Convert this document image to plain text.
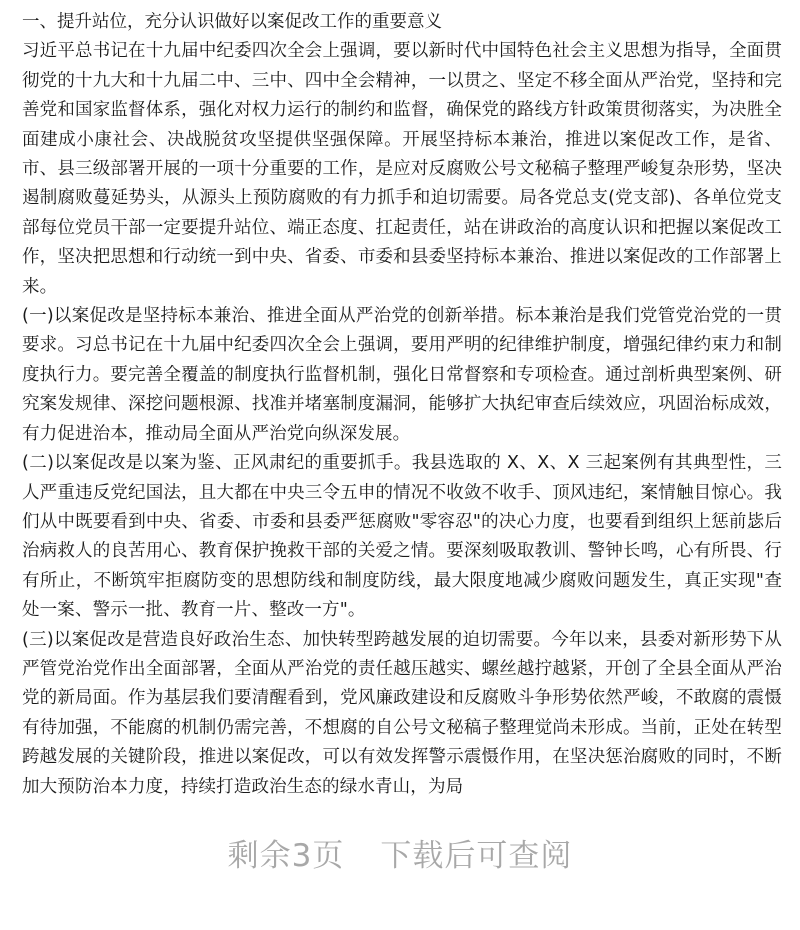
一、提升站位，充分认识做好以案促改工作的重要意义

习近平总书记在十九届中纪委四次全会上强调，要以新时代中国特色社会主义思想为指导，全面贯彻党的十九大和十九届二中、三中、四中全会精神，一以贯之、坚定不移全面从严治党，坚持和完善党和国家监督体系，强化对权力运行的制约和监督，确保党的路线方针政策贯彻落实，为决胜全面建成小康社会、决战脱贫攻坚提供坚强保障。开展坚持标本兼治，推进以案促改工作，是省、市、县三级部署开展的一项十分重要的工作，是应对反腐败公号文秘稿子整理严峻复杂形势，坚决遏制腐败蔓延势头，从源头上预防腐败的有力抓手和迫切需要。局各党总支(党支部)、各单位党支部每位党员干部一定要提升站位、端正态度、扛起责任，站在讲政治的高度认识和把握以案促改工作，坚决把思想和行动统一到中央、省委、市委和县委坚持标本兼治、推进以案促改的工作部署上来。

(一)以案促改是坚持标本兼治、推进全面从严治党的创新举措。标本兼治是我们党管党治党的一贯要求。习总书记在十九届中纪委四次全会上强调，要用严明的纪律维护制度，增强纪律约束力和制度执行力。要完善全覆盖的制度执行监督机制，强化日常督察和专项检查。通过剖析典型案例、研究案发规律、深挖问题根源、找准并堵塞制度漏洞，能够扩大执纪审查后续效应，巩固治标成效，有力促进治本，推动局全面从严治党向纵深发展。

(二)以案促改是以案为鉴、正风肃纪的重要抓手。我县选取的 X、X、X 三起案例有其典型性，三人严重违反党纪国法，且大都在中央三令五申的情况不收敛不收手、顶风违纪，案情触目惊心。我们从中既要看到中央、省委、市委和县委严惩腐败"零容忍"的决心力度，也要看到组织上惩前毖后治病救人的良苦用心、教育保护挽救干部的关爱之情。要深刻吸取教训、警钟长鸣，心有所畏、行有所止，不断筑牢拒腐防变的思想防线和制度防线，最大限度地减少腐败问题发生，真正实现"查处一案、警示一批、教育一片、整改一方"。

(三)以案促改是营造良好政治生态、加快转型跨越发展的迫切需要。今年以来，县委对新形势下从严管党治党作出全面部署，全面从严治党的责任越压越实、螺丝越拧越紧，开创了全县全面从严治党的新局面。作为基层我们要清醒看到，党风廉政建设和反腐败斗争形势依然严峻，不敢腐的震慑有待加强，不能腐的机制仍需完善，不想腐的自公号文秘稿子整理觉尚未形成。当前，正处在转型跨越发展的关键阶段，推进以案促改，可以有效发挥警示震慑作用，在坚决惩治腐败的同时，不断加大预防治本力度，持续打造政治生态的绿水青山，为局

剩余3页 下载后可查阅
